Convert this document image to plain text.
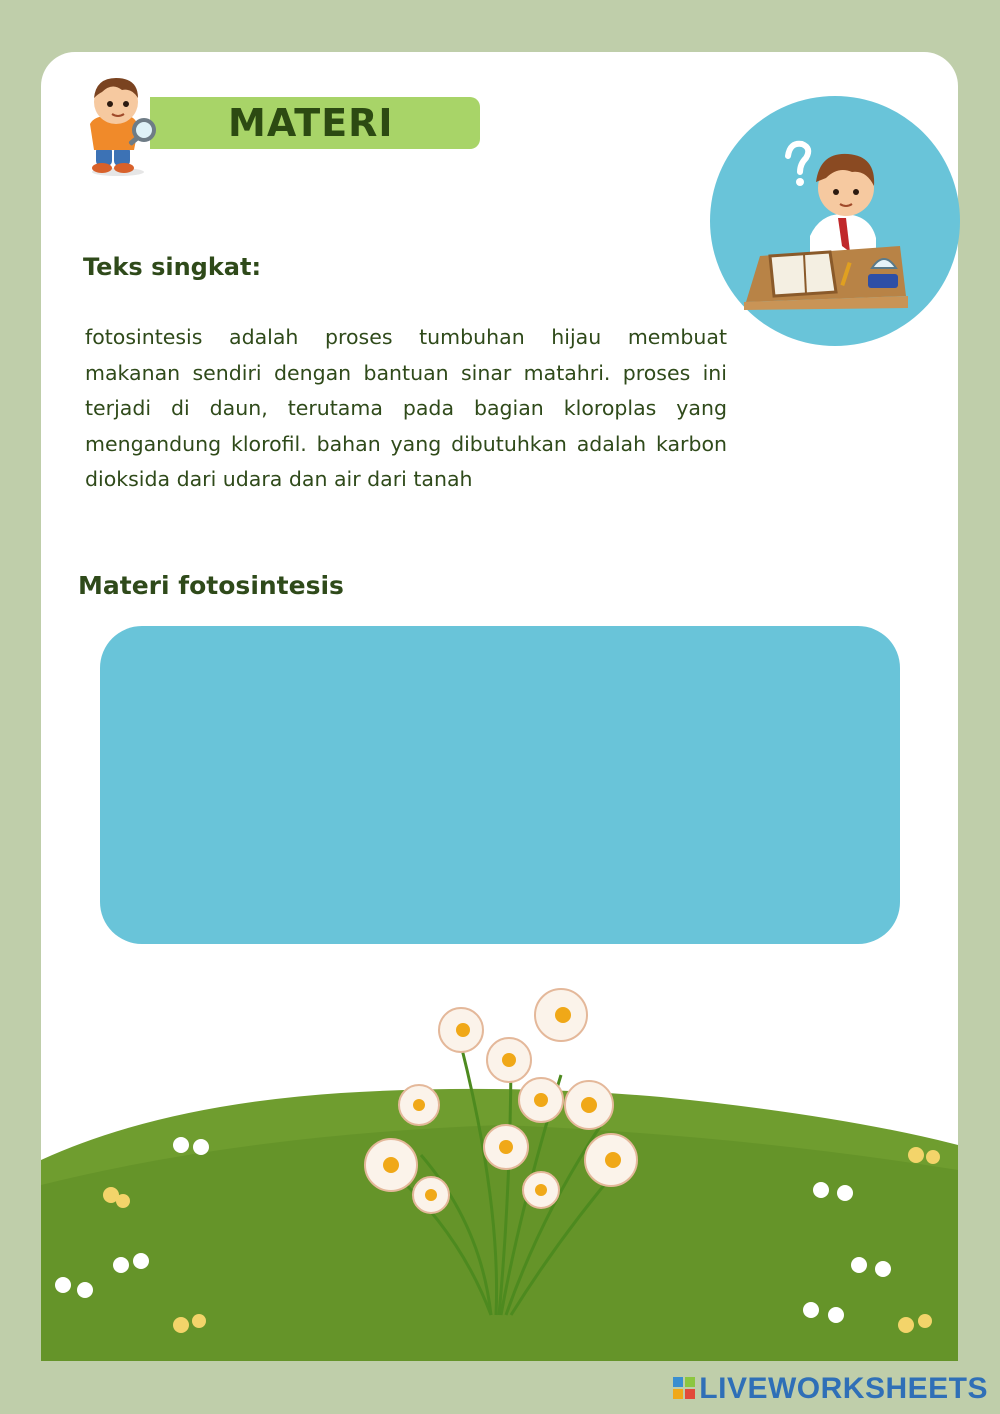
MATERI
Teks singkat:

fotosintesis adalah proses tumbuhan hijau membuat makanan sendiri dengan bantuan sinar matahri. proses ini terjadi di daun, terutama pada bagian kloroplas yang mengandung klorofil. bahan yang dibutuhkan adalah karbon dioksida dari udara dan air dari tanah

Materi fotosintesis
LIVEWORKSHEETS
